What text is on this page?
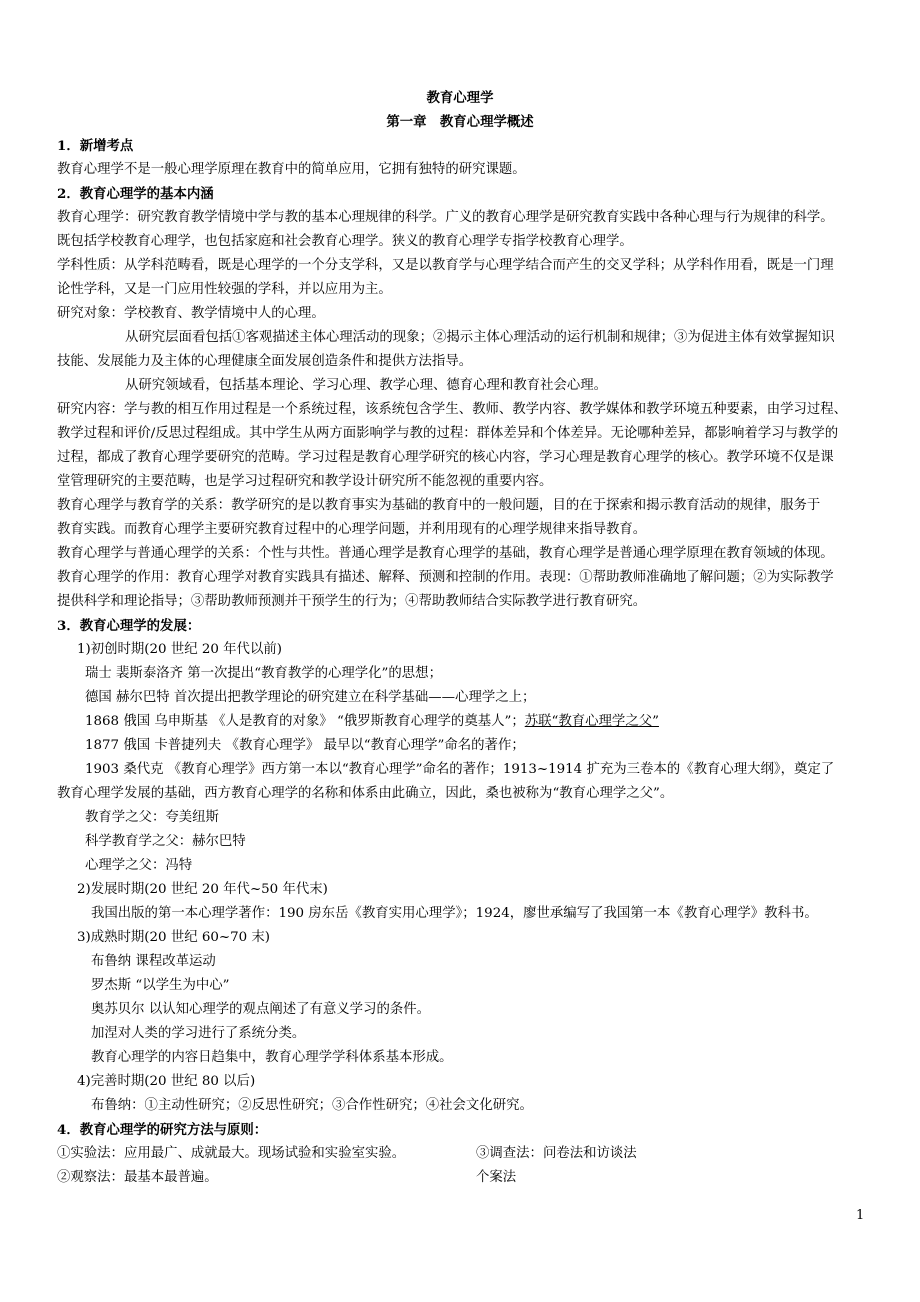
教育心理学
第一章　教育心理学概述
1．新增考点
教育心理学不是一般心理学原理在教育中的简单应用，它拥有独特的研究课题。
2．教育心理学的基本内涵
教育心理学：研究教育教学情境中学与教的基本心理规律的科学。广义的教育心理学是研究教育实践中各种心理与行为规律的科学。
既包括学校教育心理学，也包括家庭和社会教育心理学。狭义的教育心理学专指学校教育心理学。
学科性质：从学科范畴看，既是心理学的一个分支学科，又是以教育学与心理学结合而产生的交叉学科；从学科作用看，既是一门理
论性学科，又是一门应用性较强的学科，并以应用为主。
研究对象：学校教育、教学情境中人的心理。
从研究层面看包括①客观描述主体心理活动的现象；②揭示主体心理活动的运行机制和规律；③为促进主体有效掌握知识
技能、发展能力及主体的心理健康全面发展创造条件和提供方法指导。
从研究领域看，包括基本理论、学习心理、教学心理、德育心理和教育社会心理。
研究内容：学与教的相互作用过程是一个系统过程，该系统包含学生、教师、教学内容、教学媒体和教学环境五种要素，由学习过程、
教学过程和评价/反思过程组成。其中学生从两方面影响学与教的过程：群体差异和个体差异。无论哪种差异，都影响着学习与教学的
过程，都成了教育心理学要研究的范畴。学习过程是教育心理学研究的核心内容，学习心理是教育心理学的核心。教学环境不仅是课
堂管理研究的主要范畴，也是学习过程研究和教学设计研究所不能忽视的重要内容。
教育心理学与教育学的关系：教学研究的是以教育事实为基础的教育中的一般问题，目的在于探索和揭示教育活动的规律，服务于
教育实践。而教育心理学主要研究教育过程中的心理学问题，并利用现有的心理学规律来指导教育。
教育心理学与普通心理学的关系：个性与共性。普通心理学是教育心理学的基础，教育心理学是普通心理学原理在教育领域的体现。
教育心理学的作用：教育心理学对教育实践具有描述、解释、预测和控制的作用。表现：①帮助教师准确地了解问题；②为实际教学
提供科学和理论指导；③帮助教师预测并干预学生的行为；④帮助教师结合实际教学进行教育研究。
3．教育心理学的发展：
1)初创时期(20 世纪 20 年代以前)
瑞士 裴斯泰洛齐 第一次提出“教育教学的心理学化”的思想；
德国 赫尔巴特 首次提出把教学理论的研究建立在科学基础——心理学之上；
1868 俄国 乌申斯基 《人是教育的对象》 “俄罗斯教育心理学的奠基人”；苏联“教育心理学之父”
1877 俄国 卡普捷列夫 《教育心理学》 最早以“教育心理学”命名的著作；
1903 桑代克 《教育心理学》西方第一本以“教育心理学”命名的著作；1913~1914 扩充为三卷本的《教育心理大纲》，奠定了
教育心理学发展的基础，西方教育心理学的名称和体系由此确立，因此，桑也被称为“教育心理学之父”。
教育学之父：夸美纽斯
科学教育学之父：赫尔巴特
心理学之父：冯特
2)发展时期(20 世纪 20 年代~50 年代末)
我国出版的第一本心理学著作：190 房东岳《教育实用心理学》；1924，廖世承编写了我国第一本《教育心理学》教科书。
3)成熟时期(20 世纪 60~70 末)
布鲁纳 课程改革运动
罗杰斯 “以学生为中心”
奥苏贝尔 以认知心理学的观点阐述了有意义学习的条件。
加涅对人类的学习进行了系统分类。
教育心理学的内容日趋集中，教育心理学学科体系基本形成。
4)完善时期(20 世纪 80 以后)
布鲁纳：①主动性研究；②反思性研究；③合作性研究；④社会文化研究。
4．教育心理学的研究方法与原则：
①实验法：应用最广、成就最大。现场试验和实验室实验。	③调查法：问卷法和访谈法
②观察法：最基本最普遍。	个案法
1
